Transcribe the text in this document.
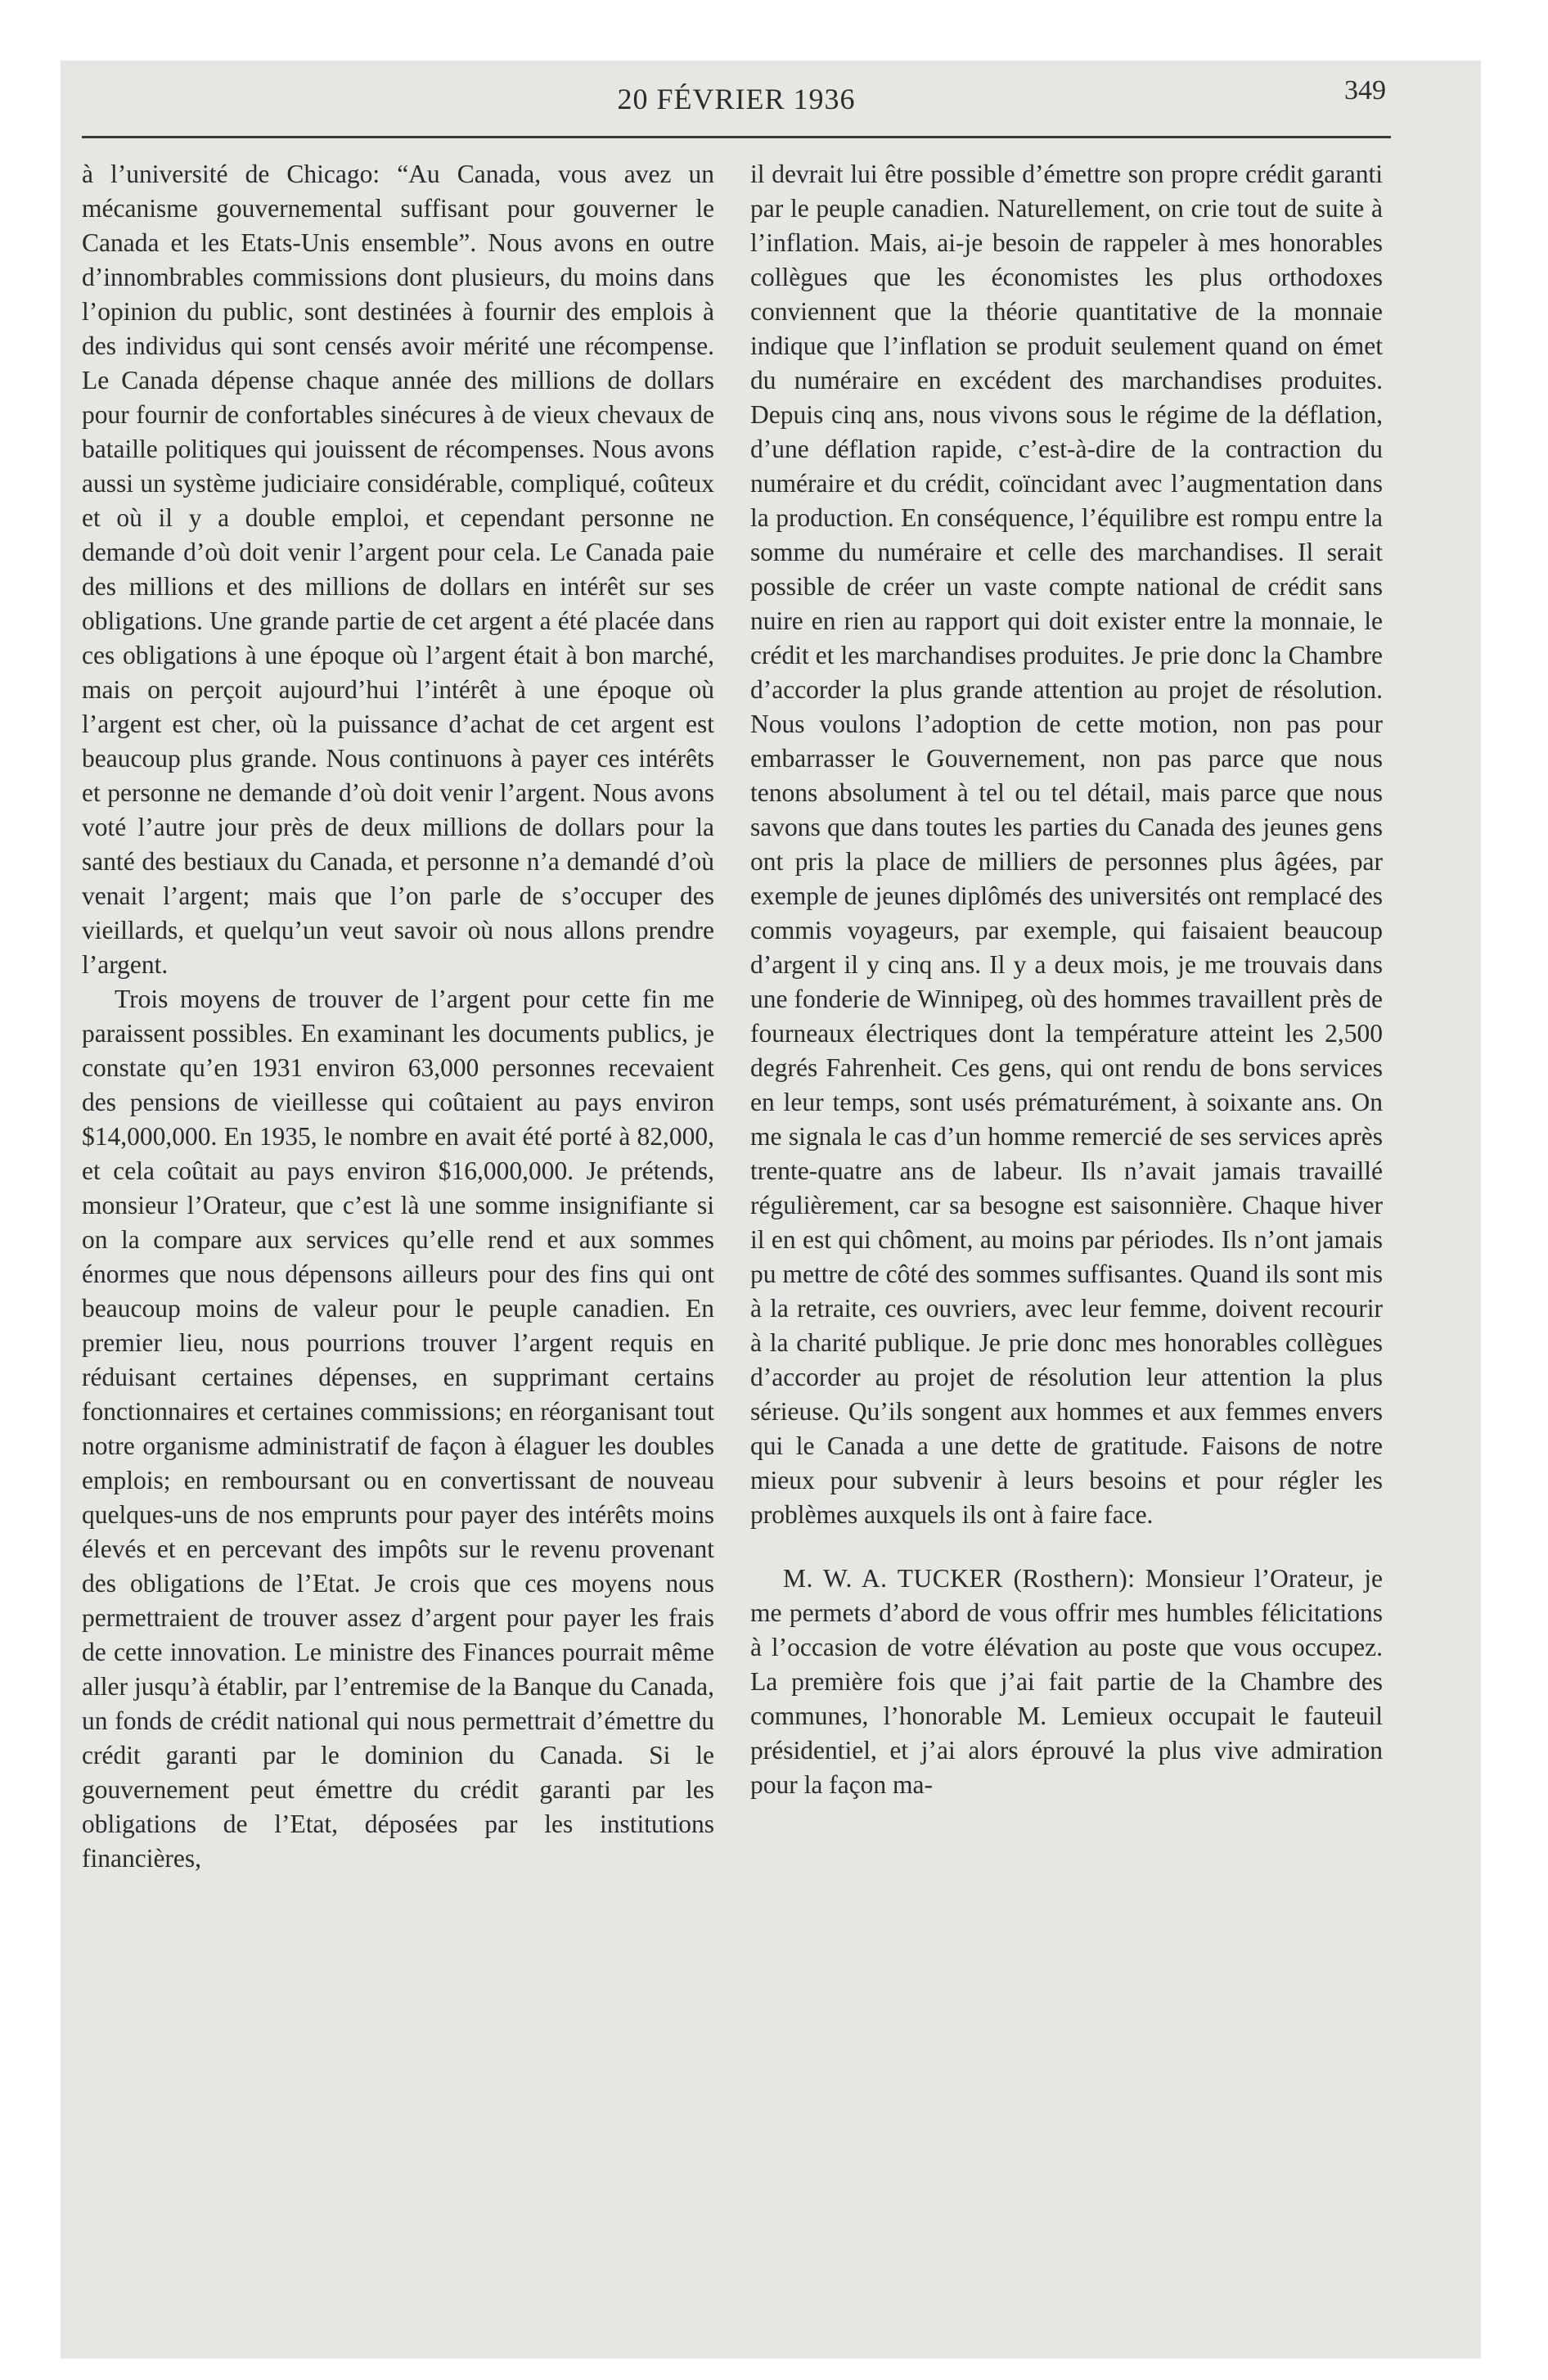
20 FÉVRIER 1936	349

à l’université de Chicago: “Au Canada, vous avez un mécanisme gouvernemental suffisant pour gouverner le Canada et les Etats-Unis ensemble”. Nous avons en outre d’innombrables commissions dont plusieurs, du moins dans l’opinion du public, sont destinées à fournir des emplois à des individus qui sont censés avoir mérité une récompense. Le Canada dépense chaque année des millions de dollars pour fournir de confortables sinécures à de vieux chevaux de bataille politiques qui jouissent de récompenses. Nous avons aussi un système judiciaire considérable, compliqué, coûteux et où il y a double emploi, et cependant personne ne demande d’où doit venir l’argent pour cela. Le Canada paie des millions et des millions de dollars en intérêt sur ses obligations. Une grande partie de cet argent a été placée dans ces obligations à une époque où l’argent était à bon marché, mais on perçoit aujourd’hui l’intérêt à une époque où l’argent est cher, où la puissance d’achat de cet argent est beaucoup plus grande. Nous continuons à payer ces intérêts et personne ne demande d’où doit venir l’argent. Nous avons voté l’autre jour près de deux millions de dollars pour la santé des bestiaux du Canada, et personne n’a demandé d’où venait l’argent; mais que l’on parle de s’occuper des vieillards, et quelqu’un veut savoir où nous allons prendre l’argent.

Trois moyens de trouver de l’argent pour cette fin me paraissent possibles. En examinant les documents publics, je constate qu’en 1931 environ 63,000 personnes recevaient des pensions de vieillesse qui coûtaient au pays environ $14,000,000. En 1935, le nombre en avait été porté à 82,000, et cela coûtait au pays environ $16,000,000. Je prétends, monsieur l’Orateur, que c’est là une somme insignifiante si on la compare aux services qu’elle rend et aux sommes énormes que nous dépensons ailleurs pour des fins qui ont beaucoup moins de valeur pour le peuple canadien. En premier lieu, nous pourrions trouver l’argent requis en réduisant certaines dépenses, en supprimant certains fonctionnaires et certaines commissions; en réorganisant tout notre organisme administratif de façon à élaguer les doubles emplois; en remboursant ou en convertissant de nouveau quelques-uns de nos emprunts pour payer des intérêts moins élevés et en percevant des impôts sur le revenu provenant des obligations de l’Etat. Je crois que ces moyens nous permettraient de trouver assez d’argent pour payer les frais de cette innovation. Le ministre des Finances pourrait même aller jusqu’à établir, par l’entremise de la Banque du Canada, un fonds de crédit national qui nous permettrait d’émettre du crédit garanti par le dominion du Canada. Si le gouvernement peut émettre du crédit garanti par les obligations de l’Etat, déposées par les institutions financières,

il devrait lui être possible d’émettre son propre crédit garanti par le peuple canadien. Naturellement, on crie tout de suite à l’inflation. Mais, ai-je besoin de rappeler à mes honorables collègues que les économistes les plus orthodoxes conviennent que la théorie quantitative de la monnaie indique que l’inflation se produit seulement quand on émet du numéraire en excédent des marchandises produites. Depuis cinq ans, nous vivons sous le régime de la déflation, d’une déflation rapide, c’est-à-dire de la contraction du numéraire et du crédit, coïncidant avec l’augmentation dans la production. En conséquence, l’équilibre est rompu entre la somme du numéraire et celle des marchandises. Il serait possible de créer un vaste compte national de crédit sans nuire en rien au rapport qui doit exister entre la monnaie, le crédit et les marchandises produites. Je prie donc la Chambre d’accorder la plus grande attention au projet de résolution. Nous voulons l’adoption de cette motion, non pas pour embarrasser le Gouvernement, non pas parce que nous tenons absolument à tel ou tel détail, mais parce que nous savons que dans toutes les parties du Canada des jeunes gens ont pris la place de milliers de personnes plus âgées, par exemple de jeunes diplômés des universités ont remplacé des commis voyageurs, par exemple, qui faisaient beaucoup d’argent il y cinq ans. Il y a deux mois, je me trouvais dans une fonderie de Winnipeg, où des hommes travaillent près de fourneaux électriques dont la température atteint les 2,500 degrés Fahrenheit. Ces gens, qui ont rendu de bons services en leur temps, sont usés prématurément, à soixante ans. On me signala le cas d’un homme remercié de ses services après trente-quatre ans de labeur. Ils n’avait jamais travaillé régulièrement, car sa besogne est saisonnière. Chaque hiver il en est qui chôment, au moins par périodes. Ils n’ont jamais pu mettre de côté des sommes suffisantes. Quand ils sont mis à la retraite, ces ouvriers, avec leur femme, doivent recourir à la charité publique. Je prie donc mes honorables collègues d’accorder au projet de résolution leur attention la plus sérieuse. Qu’ils songent aux hommes et aux femmes envers qui le Canada a une dette de gratitude. Faisons de notre mieux pour subvenir à leurs besoins et pour régler les problèmes auxquels ils ont à faire face.

M. W. A. TUCKER (Rosthern): Monsieur l’Orateur, je me permets d’abord de vous offrir mes humbles félicitations à l’occasion de votre élévation au poste que vous occupez. La première fois que j’ai fait partie de la Chambre des communes, l’honorable M. Lemieux occupait le fauteuil présidentiel, et j’ai alors éprouvé la plus vive admiration pour la façon ma-
